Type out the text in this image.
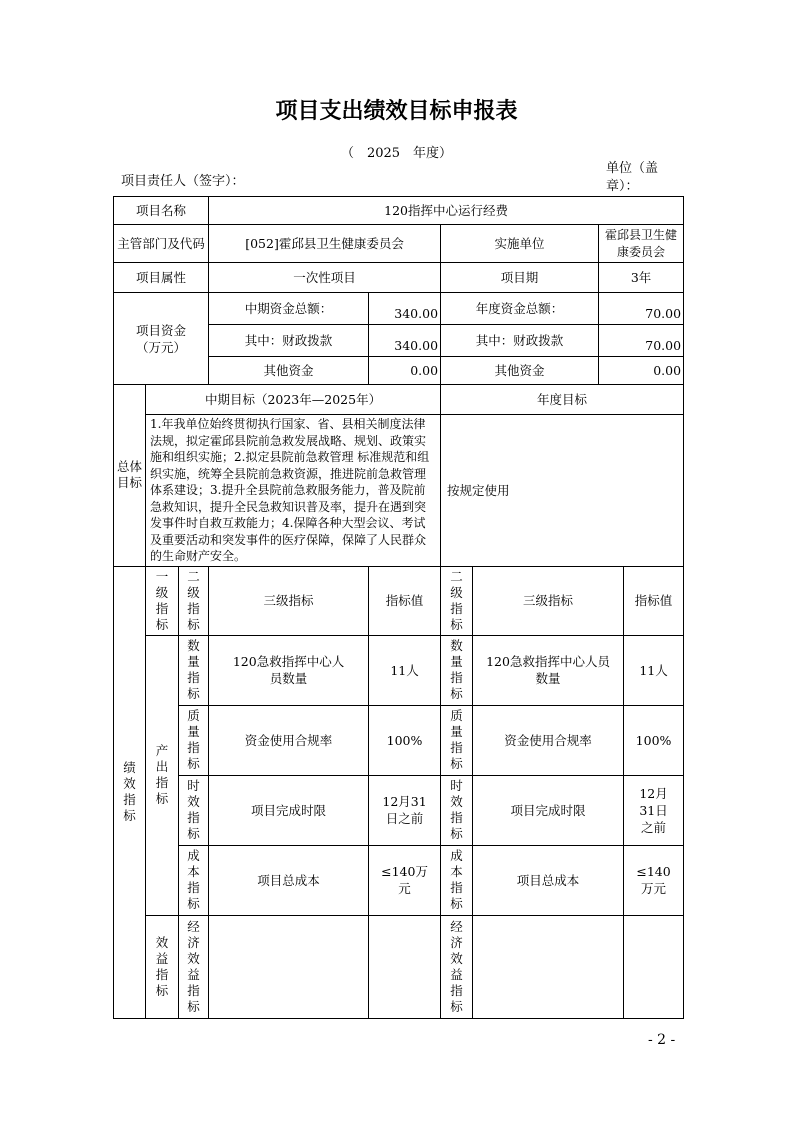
项目支出绩效目标申报表
（　2025　年度）
项目责任人（签字）：
单位（盖章）：
项目名称			120指挥中心运行经费					
主管部门及代码			[052]霍邱县卫生健康委员会		实施单位		霍邱县卫生健康委员会	
项目属性			一次性项目		项目期		3年	
项目资金（万元）			中期资金总额：	340.00	年度资金总额：		70.00	
			其中：财政拨款	340.00	其中：财政拨款		70.00	
			其他资金	0.00	其他资金		0.00	
总体目标	中期目标（2023年—2025年）				年度目标			
	1.年我单位始终贯彻执行国家、省、县相关制度法律法规，拟定霍邱县院前急救发展战略、规划、政策实施和组织实施；2.拟定县院前急救管理 标准规范和组织实施，统筹全县院前急救资源，推进院前急救管理体系建设；3.提升全县院前急救服务能力，普及院前急救知识，提升全民急救知识普及率，提升在遇到突发事件时自救互救能力；4.保障各种大型会议、考试及重要活动和突发事件的医疗保障，保障了人民群众的生命财产安全。				按规定使用			
绩效指标	一级指标	二级指标	三级指标	指标值	二级指标	三级指标		指标值
	产出指标	数量指标	120急救指挥中心人员数量	11人	数量指标	120急救指挥中心人员数量		11人
		质量指标	资金使用合规率	100%	质量指标	资金使用合规率		100%
		时效指标	项目完成时限	12月31日之前	时效指标	项目完成时限		12月31日之前
		成本指标	项目总成本	≤140万元	成本指标	项目总成本		≤140万元
	效益指标	经济效益指标			经济效益指标			
- 2 -
